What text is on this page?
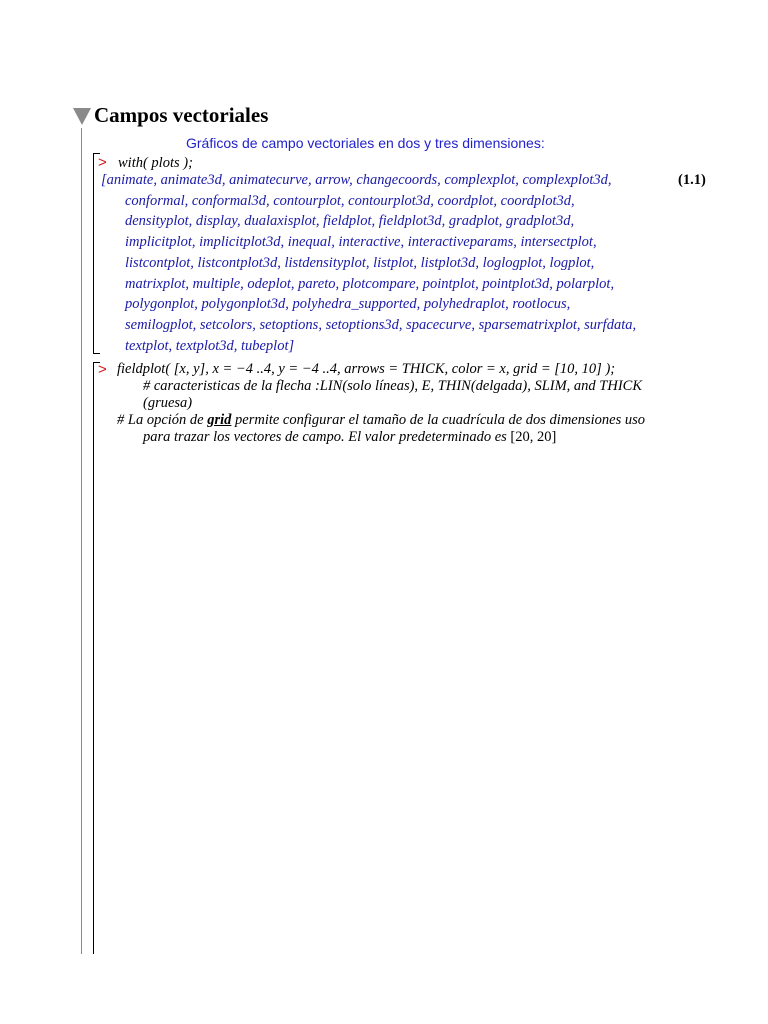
Campos vectoriales
Gráficos de campo vectoriales en dos y tres dimensiones:
> with( plots );
[animate, animate3d, animatecurve, arrow, changecoords, complexplot, complexplot3d,
conformal, conformal3d, contourplot, contourplot3d, coordplot, coordplot3d,
densityplot, display, dualaxisplot, fieldplot, fieldplot3d, gradplot, gradplot3d,
implicitplot, implicitplot3d, inequal, interactive, interactiveparams, intersectplot,
listcontplot, listcontplot3d, listdensityplot, listplot, listplot3d, loglogplot, logplot,
matrixplot, multiple, odeplot, pareto, plotcompare, pointplot, pointplot3d, polarplot,
polygonplot, polygonplot3d, polyhedra_supported, polyhedraplot, rootlocus,
semilogplot, setcolors, setoptions, setoptions3d, spacecurve, sparsematrixplot, surfdata,
textplot, textplot3d, tubeplot]
(1.1)
> fieldplot( [x, y], x = −4 ..4, y = −4 ..4, arrows = THICK, color = x, grid = [10, 10] );
# caracteristicas de la flecha :LIN(solo líneas), E, THIN(delgada), SLIM, and THICK
(gruesa)
# La opción de grid permite configurar el tamaño de la cuadrícula de dos dimensiones uso
para trazar los vectores de campo. El valor predeterminado es [20, 20]
